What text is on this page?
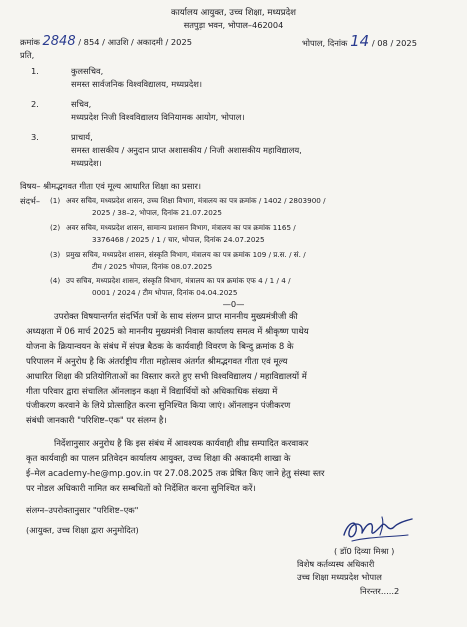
कार्यालय आयुक्त, उच्च शिक्षा, मध्यप्रदेश
सतपुड़ा भवन, भोपाल–462004
क्रमांक 2848 / 854 / आउशि / अकादमी / 2025	भोपाल, दिनांक 14 / 08 / 2025
प्रति,
1.	कुलसचिव,
समस्त सार्वजनिक विश्वविद्यालय, मध्यप्रदेश।
2.	सचिव,
मध्यप्रदेश निजी विश्वविद्यालय विनियामक आयोग, भोपाल।
3.	प्राचार्य,
समस्त शासकीय / अनुदान प्राप्त अशासकीय / निजी अशासकीय महाविद्यालय,
मध्यप्रदेश।
विषय– श्रीमद्भगवत गीता एवं मूल्य आधारित शिक्षा का प्रसार।
संदर्भ– (1) अवर सचिव, मध्यप्रदेश शासन, उच्च शिक्षा विभाग, मंत्रालय का पत्र क्रमांक / 1402 / 2803900 /
2025 / 38–2, भोपाल, दिनांक 21.07.2025
(2) अवर सचिव, मध्यप्रदेश शासन, सामान्य प्रशासन विभाग, मंत्रालय का पत्र क्रमांक 1165 /
3376468 / 2025 / 1 / चार, भोपाल, दिनांक 24.07.2025
(3) प्रमुख सचिव, मध्यप्रदेश शासन, संस्कृति विभाग, मंत्रालय का पत्र क्रमांक 109 / प्र.स. / सं. /
टीम / 2025 भोपाल, दिनांक 08.07.2025
(4) उप सचिव, मध्यप्रदेश शासन, संस्कृति विभाग, मंत्रालय का पत्र क्रमांक एफ 4 / 1 / 4 /
0001 / 2024 / टीम भोपाल, दिनांक 04.04.2025
—0—
उपरोक्त विषयान्तर्गत संदर्भित पत्रों के साथ संलग्न प्राप्त माननीय मुख्यमंत्रीजी की
अध्यक्षता में 06 मार्च 2025 को माननीय मुख्यमंत्री निवास कार्यालय समत्व में श्रीकृष्ण पाथेय
योजना के क्रियान्वयन के संबंध में संपन्न बैठक के कार्यवाही विवरण के बिन्दु क्रमांक 8 के
परिपालन में अनुरोध है कि अंतर्राष्ट्रीय गीता महोत्सव अंतर्गत श्रीमद्भगवत गीता एवं मूल्य
आधारित शिक्षा की प्रतियोगिताओं का विस्तार करते हुए सभी विश्वविद्यालय / महाविद्यालयों में
गीता परिवार द्वारा संचालित ऑनलाइन कक्षा में विद्यार्थियों को अधिकाधिक संख्या में
पंजीकरण करवाने के लिये प्रोत्साहित करना सुनिश्चित किया जाएं। ऑनलाइन पंजीकरण
संबंधी जानकारी "परिशिष्ट–एक" पर संलग्न है।
निर्देशानुसार अनुरोध है कि इस संबंध में आवश्यक कार्यवाही शीघ्र सम्पादित करवाकर
कृत कार्यवाही का पालन प्रतिवेदन कार्यालय आयुक्त, उच्च शिक्षा की अकादमी शाखा के
ई–मेल academy-he@mp.gov.in पर 27.08.2025 तक प्रेषित किए जाने हेतु संस्था स्तर
पर नोडल अधिकारी नामित कर सम्बधितों को निर्देशित करना सुनिश्चित करें।
संलग्न–उपरोक्तानुसार "परिशिष्ट–एक"
(आयुक्त, उच्च शिक्षा द्वारा अनुमोदित)
( डॉ0 दिव्या मिश्रा )
विशेष कर्तव्यस्थ अधिकारी
उच्च शिक्षा मध्यप्रदेश भोपाल
निरन्तर.....2
